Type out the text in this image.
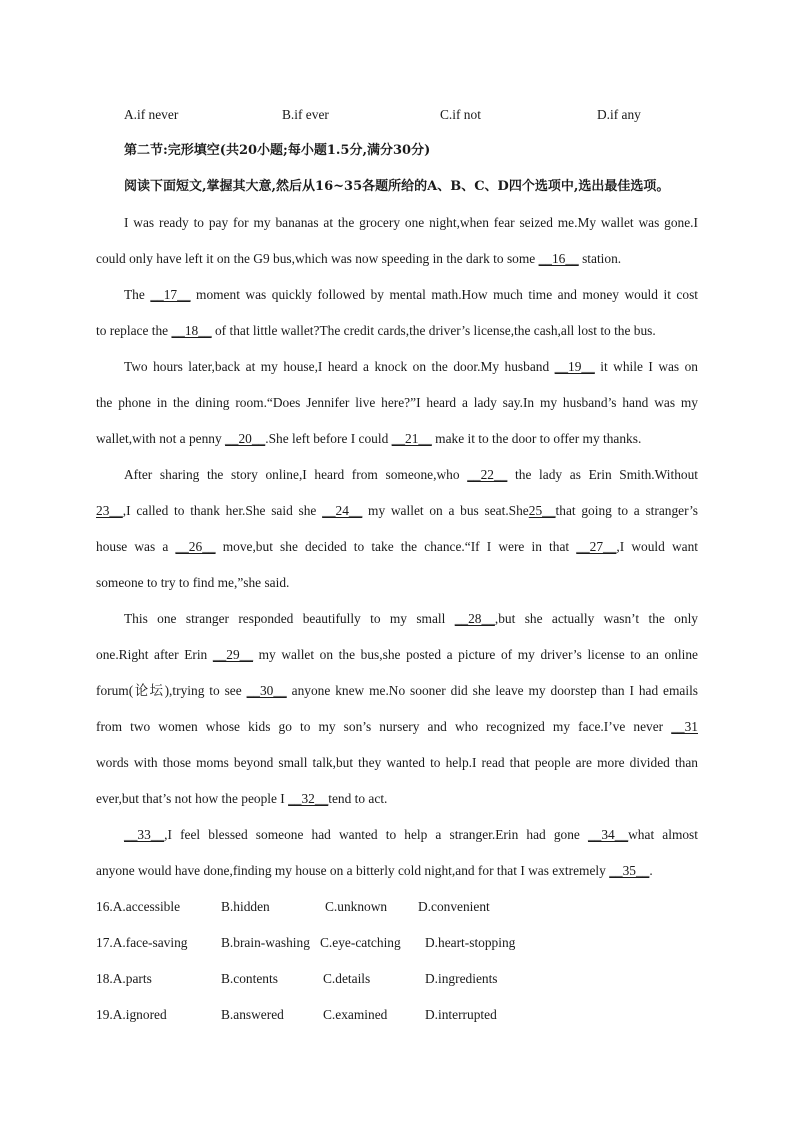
A.if never	B.if ever	C.if not	D.if any
第二节:完形填空(共20小题;每小题1.5分,满分30分)
阅读下面短文,掌握其大意,然后从16~35各题所给的A、B、C、D四个选项中,选出最佳选项。
I was ready to pay for my bananas at the grocery one night,when fear seized me.My wallet was gone.I
could only have left it on the G9 bus,which was now speeding in the dark to some __16__ station.
The __17__ moment was quickly followed by mental math.How much time and money would it cost
to replace the __18__ of that little wallet?The credit cards,the driver’s license,the cash,all lost to the bus.
Two hours later,back at my house,I heard a knock on the door.My husband __19__ it while I was on
the phone in the dining room.“Does Jennifer live here?”I heard a lady say.In my husband’s hand was my
wallet,with not a penny __20__.She left before I could __21__ make it to the door to offer my thanks.
After sharing the story online,I heard from someone,who __22__ the lady as Erin Smith.Without
23__,I called to thank her.She said she __24__ my wallet on a bus seat.She25__that going to a stranger’s
house was a __26__ move,but she decided to take the chance.“If I were in that __27__,I would want
someone to try to find me,”she said.
This one stranger responded beautifully to my small __28__,but she actually wasn’t the only
one.Right after Erin __29__ my wallet on the bus,she posted a picture of my driver’s license to an online
forum(论坛),trying to see __30__ anyone knew me.No sooner did she leave my doorstep than I had emails
from two women whose kids go to my son’s nursery and who recognized my face.I’ve never __31
words with those moms beyond small talk,but they wanted to help.I read that people are more divided than
ever,but that’s not how the people I __32__tend to act.
__33__,I feel blessed someone had wanted to help a stranger.Erin had gone __34__what almost
anyone would have done,finding my house on a bitterly cold night,and for that I was extremely __35__.
16.A.accessible	B.hidden	C.unknown D.convenient
17.A.face-saving	B.brain-washing C.eye-catching D.heart-stopping
18.A.parts	B.contents	C.details	D.ingredients
19.A.ignored	B.answered	C.examined	D.interrupted
